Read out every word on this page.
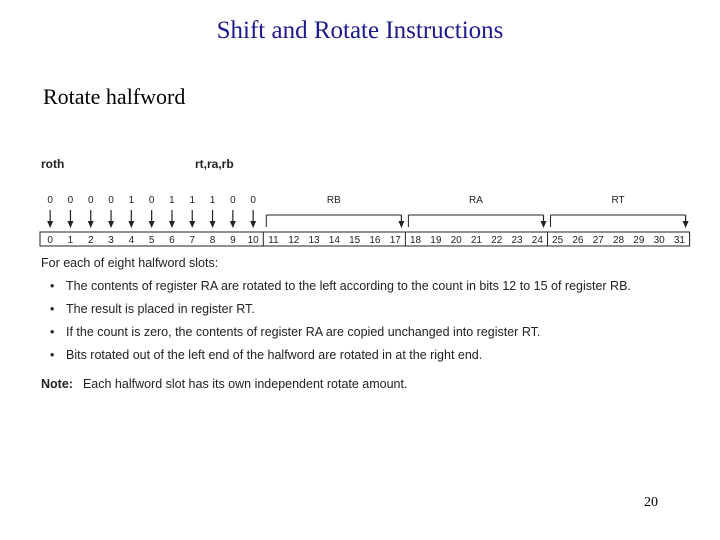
Shift and Rotate Instructions
Rotate halfword
roth	rt,ra,rb
0 0 0 0 1 0 1 1 1 0 0	RB	RA	RT
0 1 2 3 4 5 6 7 8 9 10 11 12 13 14 15 16 17 18 19 20 21 22 23 24 25 26 27 28 29 30 31
For each of eight halfword slots:
• The contents of register RA are rotated to the left according to the count in bits 12 to 15 of register RB.
• The result is placed in register RT.
• If the count is zero, the contents of register RA are copied unchanged into register RT.
• Bits rotated out of the left end of the halfword are rotated in at the right end.
Note: Each halfword slot has its own independent rotate amount.
20
